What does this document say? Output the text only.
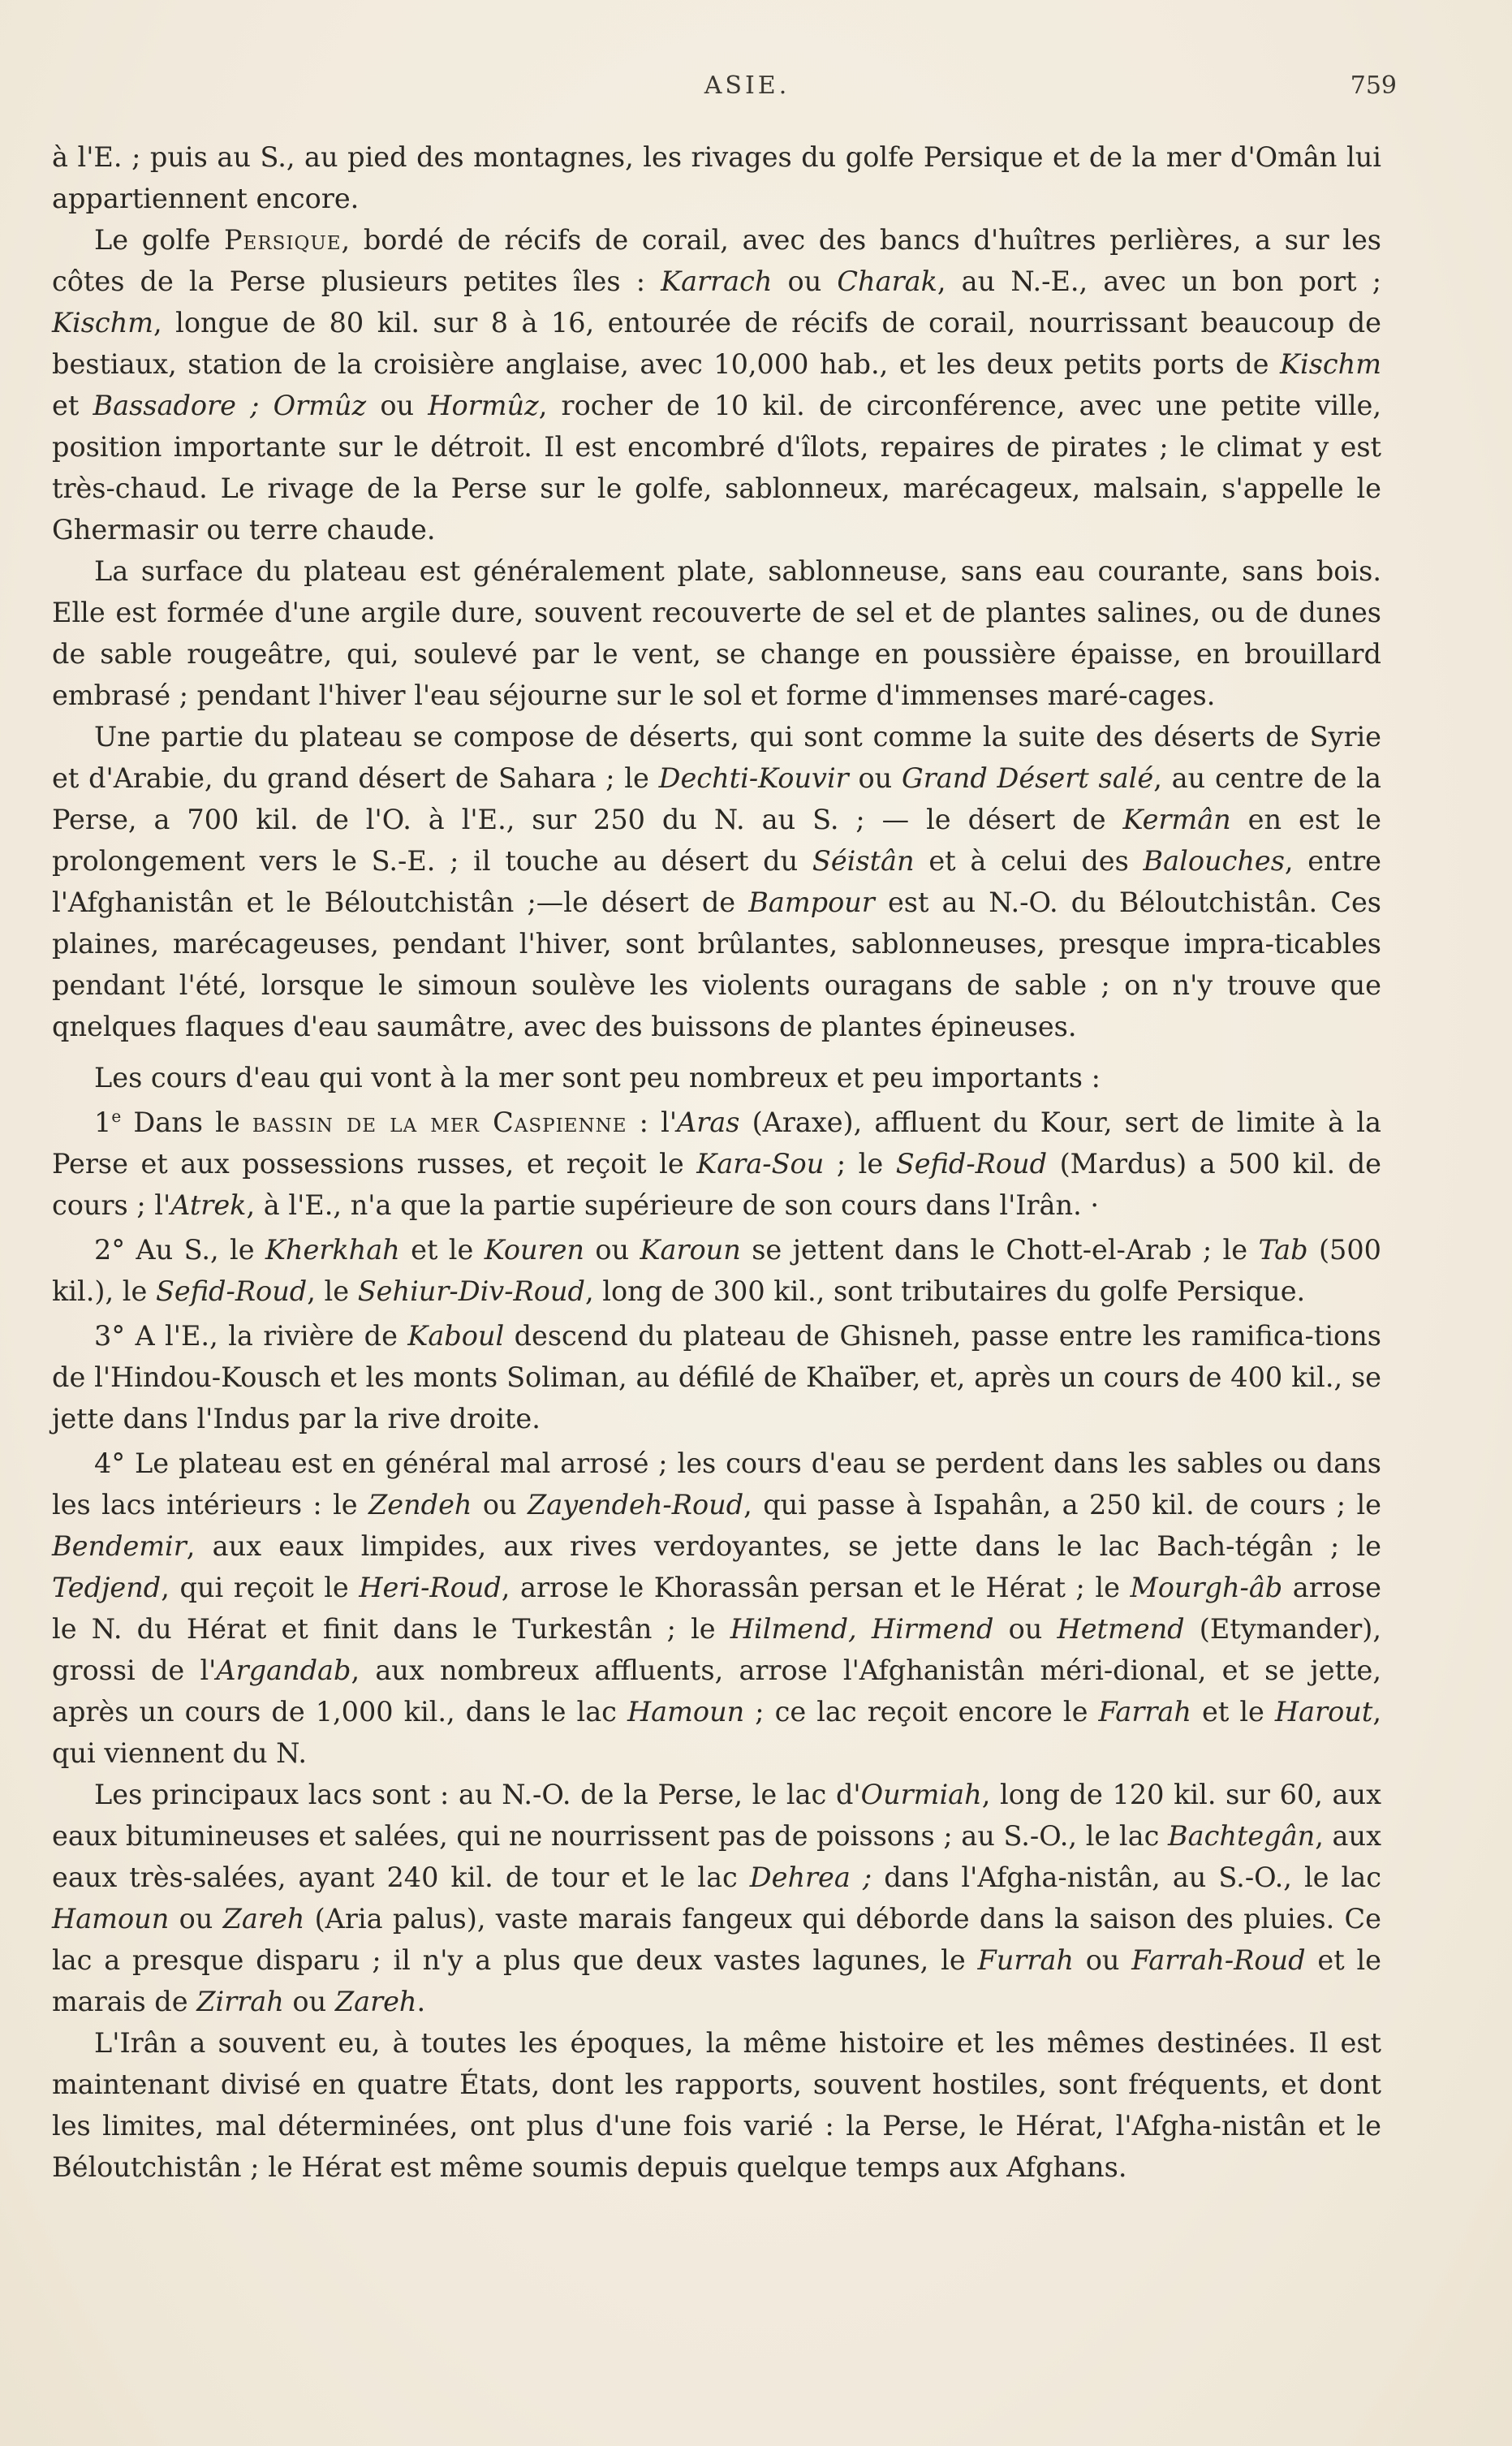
ASIE.	759

à l'E. ; puis au S., au pied des montagnes, les rivages du golfe Persique et de la mer d'Omân lui appartiennent encore.

Le golfe Persique, bordé de récifs de corail, avec des bancs d'huîtres perlières, a sur les côtes de la Perse plusieurs petites îles : Karrach ou Charak, au N.-E., avec un bon port ; Kischm, longue de 80 kil. sur 8 à 16, entourée de récifs de corail, nourrissant beaucoup de bestiaux, station de la croisière anglaise, avec 10,000 hab., et les deux petits ports de Kischm et Bassadore ; Ormûz ou Hormûz, rocher de 10 kil. de circonférence, avec une petite ville, position importante sur le détroit. Il est encombré d'îlots, repaires de pirates ; le climat y est très-chaud. Le rivage de la Perse sur le golfe, sablonneux, marécageux, malsain, s'appelle le Ghermasir ou terre chaude.

La surface du plateau est généralement plate, sablonneuse, sans eau courante, sans bois. Elle est formée d'une argile dure, souvent recouverte de sel et de plantes salines, ou de dunes de sable rougeâtre, qui, soulevé par le vent, se change en poussière épaisse, en brouillard embrasé ; pendant l'hiver l'eau séjourne sur le sol et forme d'immenses maré-cages.

Une partie du plateau se compose de déserts, qui sont comme la suite des déserts de Syrie et d'Arabie, du grand désert de Sahara ; le Dechti-Kouvir ou Grand Désert salé, au centre de la Perse, a 700 kil. de l'O. à l'E., sur 250 du N. au S. ; — le désert de Kermân en est le prolongement vers le S.-E. ; il touche au désert du Séistân et à celui des Balouches, entre l'Afghanistân et le Béloutchistân ;—le désert de Bampour est au N.-O. du Béloutchistân. Ces plaines, marécageuses, pendant l'hiver, sont brûlantes, sablonneuses, presque impra-ticables pendant l'été, lorsque le simoun soulève les violents ouragans de sable ; on n'y trouve que qnelques flaques d'eau saumâtre, avec des buissons de plantes épineuses.

Les cours d'eau qui vont à la mer sont peu nombreux et peu importants :

1e Dans le bassin de la mer Caspienne : l'Aras (Araxe), affluent du Kour, sert de limite à la Perse et aux possessions russes, et reçoit le Kara-Sou ; le Sefid-Roud (Mardus) a 500 kil. de cours ; l'Atrek, à l'E., n'a que la partie supérieure de son cours dans l'Irân. ·

2° Au S., le Kherkhah et le Kouren ou Karoun se jettent dans le Chott-el-Arab ; le Tab (500 kil.), le Sefid-Roud, le Sehiur-Div-Roud, long de 300 kil., sont tributaires du golfe Persique.

3° A l'E., la rivière de Kaboul descend du plateau de Ghisneh, passe entre les ramifica-tions de l'Hindou-Kousch et les monts Soliman, au défilé de Khaïber, et, après un cours de 400 kil., se jette dans l'Indus par la rive droite.

4° Le plateau est en général mal arrosé ; les cours d'eau se perdent dans les sables ou dans les lacs intérieurs : le Zendeh ou Zayendeh-Roud, qui passe à Ispahân, a 250 kil. de cours ; le Bendemir, aux eaux limpides, aux rives verdoyantes, se jette dans le lac Bach-tégân ; le Tedjend, qui reçoit le Heri-Roud, arrose le Khorassân persan et le Hérat ; le Mourgh-âb arrose le N. du Hérat et finit dans le Turkestân ; le Hilmend, Hirmend ou Hetmend (Etymander), grossi de l'Argandab, aux nombreux affluents, arrose l'Afghanistân méri-dional, et se jette, après un cours de 1,000 kil., dans le lac Hamoun ; ce lac reçoit encore le Farrah et le Harout, qui viennent du N.

Les principaux lacs sont : au N.-O. de la Perse, le lac d'Ourmiah, long de 120 kil. sur 60, aux eaux bitumineuses et salées, qui ne nourrissent pas de poissons ; au S.-O., le lac Bachtegân, aux eaux très-salées, ayant 240 kil. de tour et le lac Dehrea ; dans l'Afgha-nistân, au S.-O., le lac Hamoun ou Zareh (Aria palus), vaste marais fangeux qui déborde dans la saison des pluies. Ce lac a presque disparu ; il n'y a plus que deux vastes lagunes, le Furrah ou Farrah-Roud et le marais de Zirrah ou Zareh.

L'Irân a souvent eu, à toutes les époques, la même histoire et les mêmes destinées. Il est maintenant divisé en quatre États, dont les rapports, souvent hostiles, sont fréquents, et dont les limites, mal déterminées, ont plus d'une fois varié : la Perse, le Hérat, l'Afgha-nistân et le Béloutchistân ; le Hérat est même soumis depuis quelque temps aux Afghans.
